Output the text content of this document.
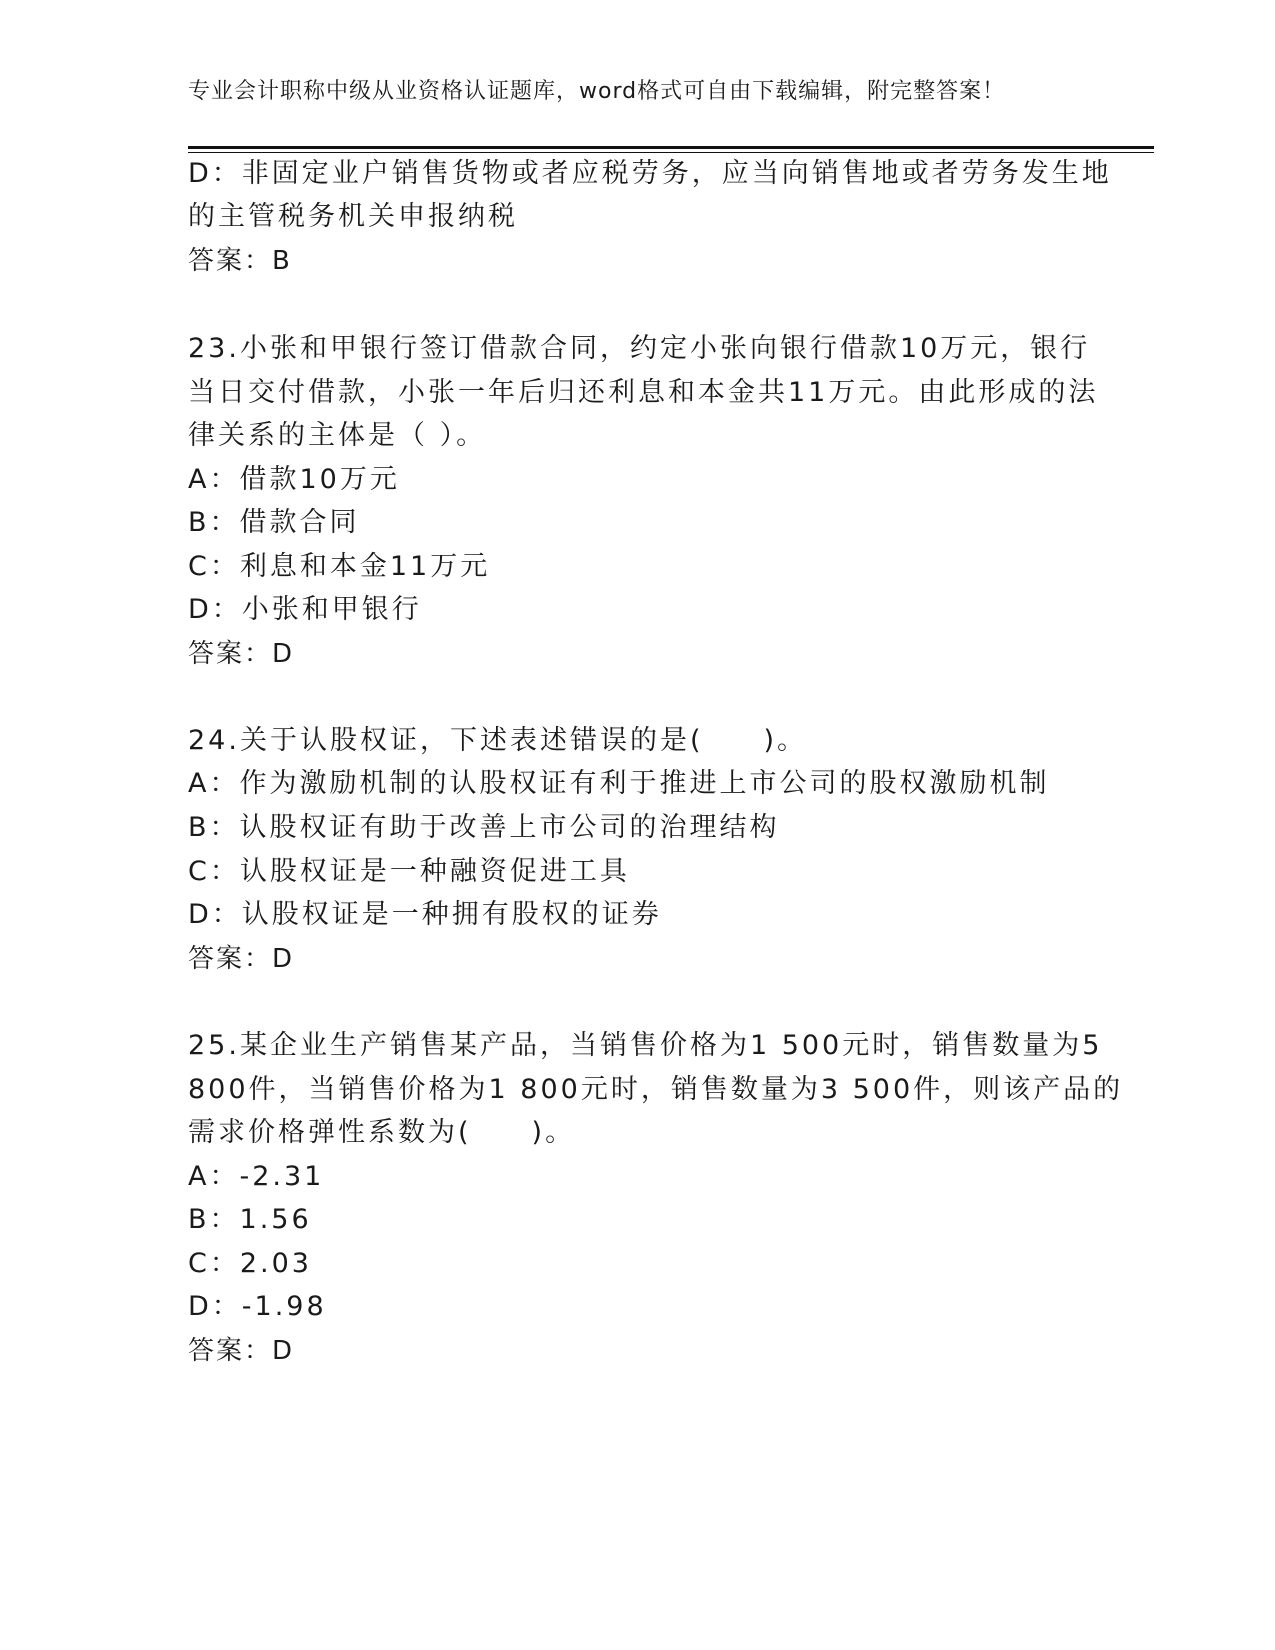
专业会计职称中级从业资格认证题库，word格式可自由下载编辑，附完整答案！
D：非固定业户销售货物或者应税劳务，应当向销售地或者劳务发生地
的主管税务机关申报纳税
答案：B
23.小张和甲银行签订借款合同，约定小张向银行借款10万元，银行
当日交付借款，小张一年后归还利息和本金共11万元。由此形成的法
律关系的主体是（ ）。
A：借款10万元
B：借款合同
C：利息和本金11万元
D：小张和甲银行
答案：D
24.关于认股权证，下述表述错误的是(　　)。
A：作为激励机制的认股权证有利于推进上市公司的股权激励机制
B：认股权证有助于改善上市公司的治理结构
C：认股权证是一种融资促进工具
D：认股权证是一种拥有股权的证券
答案：D
25.某企业生产销售某产品，当销售价格为1 500元时，销售数量为5
800件，当销售价格为1 800元时，销售数量为3 500件，则该产品的
需求价格弹性系数为(　　)。
A：-2.31
B：1.56
C：2.03
D：-1.98
答案：D
